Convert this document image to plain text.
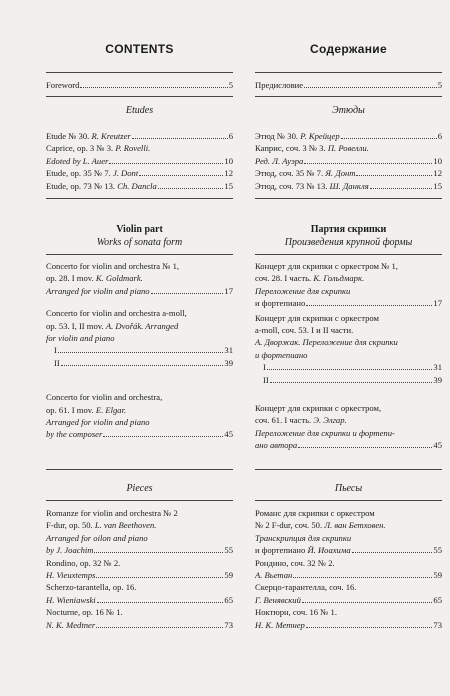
CONTENTS
Foreword	5
Etudes
Etude № 30. R. Kreutzer	6
Caprice, op. 3 № 3. P. Rovelli.
Edoted by L. Auer	10
Etude, op. 35 № 7. J. Dont	12
Etude, op. 73 № 13. Ch. Dancla	15
Violin part
Works of sonata form
Concerto for violin and orchestra № 1,
op. 28. I mov. K. Goldmark.
Arranged for violin and piano	17
Concerto for violin and orchestra a-moll,
op. 53. I, II mov. A. Dvořák. Arranged
for violin and piano
I	31
II	39
Concerto for violin and orchestra,
op. 61. I mov. E. Elgar.
Arranged for violin and piano
by the composer	45
Pieces
Romanze for violin and orchestra № 2
F-dur, op. 50. L. van Beethoven.
Arranged for oilon and piano
by J. Joachim	55
Rondino, op. 32 № 2.
H. Vieuxtemps	59
Scherzo-tarantella, op. 16.
H. Wieniawski	65
Nocturne, op. 16 № 1.
N. K. Medtner	73
Содержание
Предисловие	5
Этюды
Этюд № 30. Р. Крейцер	6
Каприс, соч. 3 № 3. П. Ровелли.
Ред. Л. Ауэра	10
Этюд, соч. 35 № 7. Я. Донт	12
Этюд, соч. 73 № 13. Ш. Данкля	15
Партия скрипки
Произведения крупной формы
Концерт для скрипки с оркестром № 1,
соч. 28. I часть. К. Гольдмарк.
Переложение для скрипки
и фортепиано	17
Концерт для скрипки с оркестром
a-moll, соч. 53. I и II части.
А. Дворжак. Переложение для скрипки
и фортепиано
I	31
II	39
Концерт для скрипки с оркестром,
соч. 61. I часть. Э. Элгар.
Переложение для скрипки и фортепи-
ано автора	45
Пьесы
Романс для скрипки с оркестром
№ 2 F-dur, соч. 50. Л. ван Бетховен.
Транскрипция для скрипки
и фортепиано Й. Иоахима	55
Рондино, соч. 32 № 2.
А. Вьетан	59
Скерцо-тарантелла, соч. 16.
Г. Венявский	65
Ноктюрн, соч. 16 № 1.
Н. К. Метнер	73
